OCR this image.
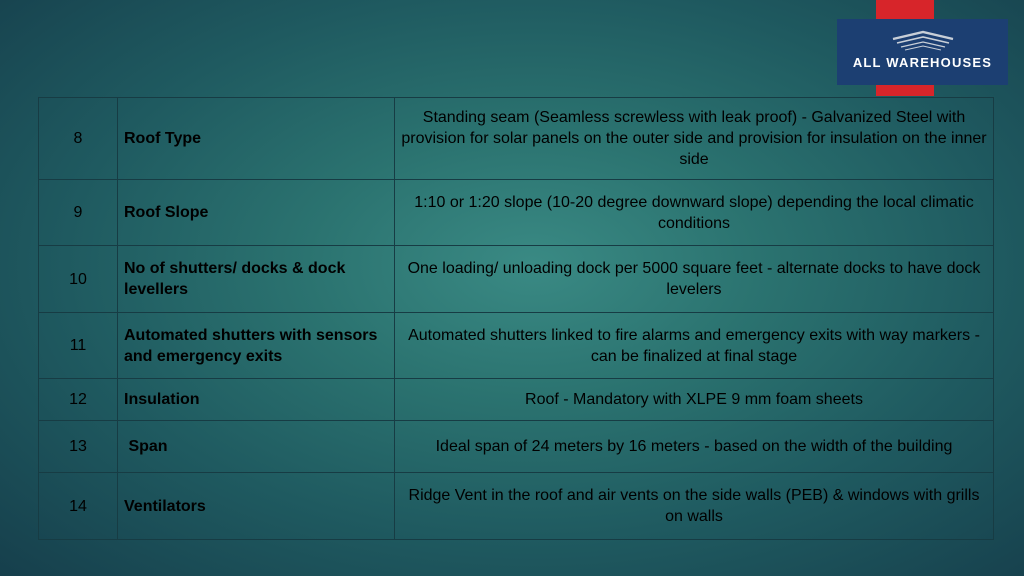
ALL WAREHOUSES
8	Roof Type	Standing seam (Seamless screwless with leak proof) - Galvanized Steel with provision for solar panels on the outer side and provision for insulation on the inner side
9	Roof Slope	1:10 or 1:20 slope (10-20 degree downward slope) depending the local climatic conditions
10	No of shutters/ docks & dock levellers	One loading/ unloading dock per 5000 square feet - alternate docks to have dock levelers
11	Automated shutters with sensors and emergency exits	Automated shutters linked to fire alarms and emergency exits with way markers - can be finalized at final stage
12	Insulation	Roof - Mandatory with XLPE 9 mm foam sheets
13	Span	Ideal span of 24 meters by 16 meters - based on the width of the building
14	Ventilators	Ridge Vent in the roof and air vents on the side walls (PEB) & windows with grills on walls
